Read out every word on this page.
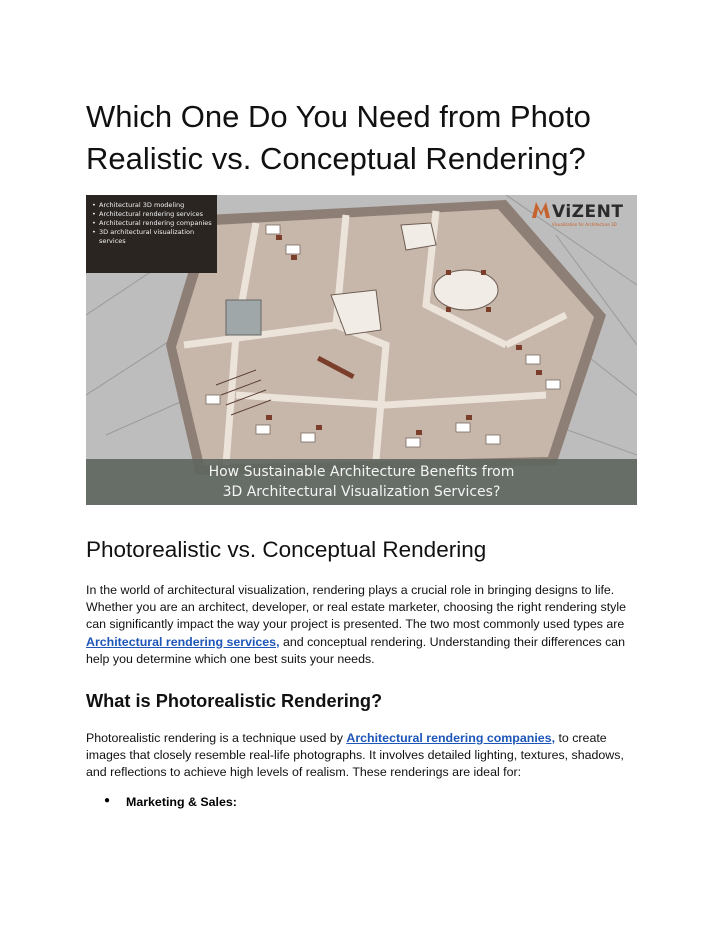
Which One Do You Need from Photo Realistic vs. Conceptual Rendering?
• Architectural 3D modeling
• Architectural rendering services
• Architectural rendering companies
• 3D architectural visualization services
ViZENT
Visualization for Architecture 3D
How Sustainable Architecture Benefits from
3D Architectural Visualization Services?
Photorealistic vs. Conceptual Rendering

In the world of architectural visualization, rendering plays a crucial role in bringing designs to life. Whether you are an architect, developer, or real estate marketer, choosing the right rendering style can significantly impact the way your project is presented. The two most commonly used types are Architectural rendering services, and conceptual rendering. Understanding their differences can help you determine which one best suits your needs.

What is Photorealistic Rendering?

Photorealistic rendering is a technique used by Architectural rendering companies, to create images that closely resemble real-life photographs. It involves detailed lighting, textures, shadows, and reflections to achieve high levels of realism. These renderings are ideal for:

● Marketing & Sales:
